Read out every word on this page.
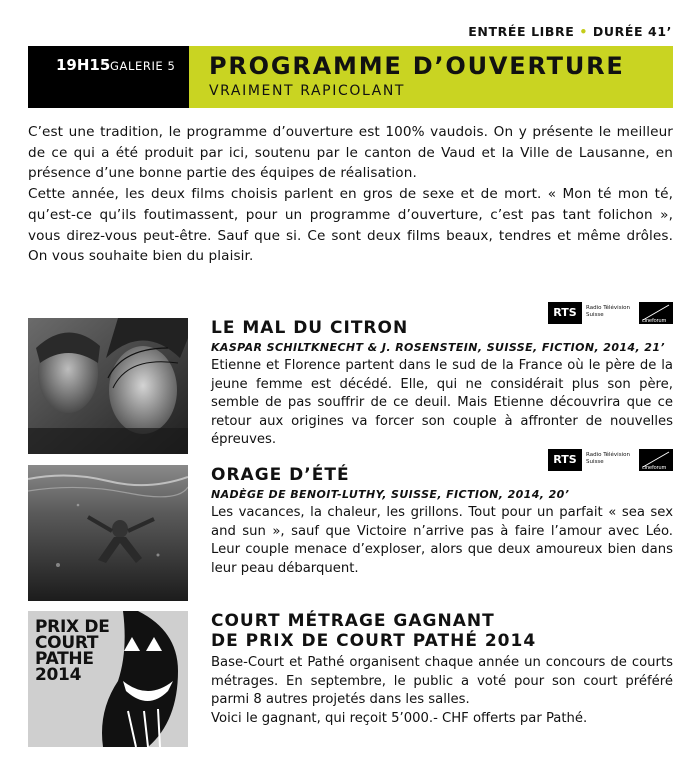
ENTRÉE LIBRE • DURÉE 41’
19H15 GALERIE 5 PROGRAMME D’OUVERTURE
VRAIMENT RAPICOLANT

C’est une tradition, le programme d’ouverture est 100% vaudois. On y présente le meilleur de ce qui a été produit par ici, soutenu par le canton de Vaud et la Ville de Lausanne, en présence d’une bonne partie des équipes de réalisation.

Cette année, les deux films choisis parlent en gros de sexe et de mort. « Mon té mon té, qu’est-ce qu’ils foutimassent, pour un programme d’ouverture, c’est pas tant folichon », vous direz-vous peut-être. Sauf que si. Ce sont deux films beaux, tendres et même drôles. On vous souhaite bien du plaisir.

RTS	Radio Télévision
Suisse
cineforum
LE MAL DU CITRON
KASPAR SCHILTKNECHT & J. ROSENSTEIN, SUISSE, FICTION, 2014, 21’
Etienne et Florence partent dans le sud de la France où le père de la jeune femme est décédé. Elle, qui ne considérait plus son père, semble de pas souffrir de ce deuil. Mais Etienne découvrira que ce retour aux origines va forcer son couple à affronter de nouvelles épreuves.
RTS	Radio Télévision
Suisse
cineforum
ORAGE D’ÉTÉ
NADÈGE DE BENOIT-LUTHY, SUISSE, FICTION, 2014, 20’
Les vacances, la chaleur, les grillons. Tout pour un parfait « sea sex and sun », sauf que Victoire n’arrive pas à faire l’amour avec Léo. Leur couple menace d’exploser, alors que deux amoureux bien dans leur peau débarquent.
PRIX DE
COURT
PATHE
2014
COURT MÉTRAGE GAGNANT
DE PRIX DE COURT PATHÉ 2014
Base-Court et Pathé organisent chaque année un concours de courts métrages. En septembre, le public a voté pour son court préféré parmi 8 autres projetés dans les salles.
Voici le gagnant, qui reçoit 5’000.- CHF offerts par Pathé.
